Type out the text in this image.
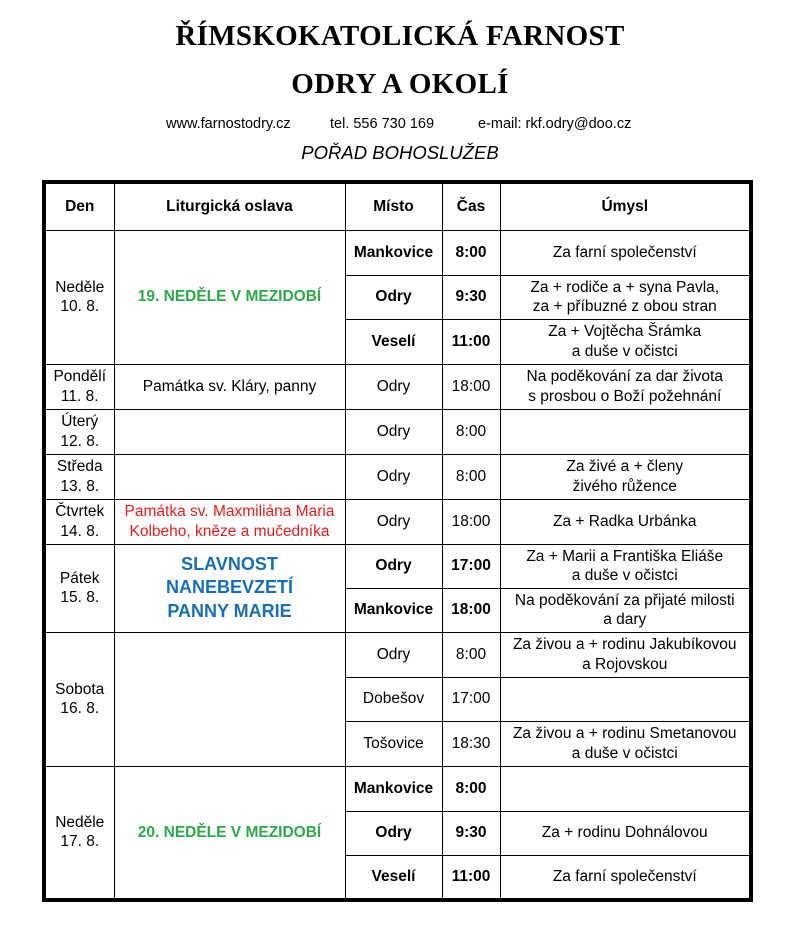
ŘÍMSKOKATOLICKÁ FARNOST
ODRY A OKOLÍ
www.farnostodry.cz	tel. 556 730 169	e-mail: rkf.odry@doo.cz
POŘAD BOHOSLUŽEB
Den	Liturgická oslava	Místo	Čas	Úmysl
Neděle
10. 8.	19. NEDĚLE V MEZIDOBÍ	Mankovice	8:00	Za farní společenství
		Odry	9:30	Za + rodiče a + syna Pavla,
za + příbuzné z obou stran
		Veselí	11:00	Za + Vojtěcha Šrámka
a duše v očistci
Pondělí
11. 8.	Památka sv. Kláry, panny	Odry	18:00	Na poděkování za dar života
s prosbou o Boží požehnání
Úterý
12. 8.		Odry	8:00	
Středa
13. 8.		Odry	8:00	Za živé a + členy
živého růžence
Čtvrtek
14. 8.	Památka sv. Maxmiliána Maria
Kolbeho, kněze a mučedníka	Odry	18:00	Za + Radka Urbánka
Pátek
15. 8.	SLAVNOST
NANEBEVZETÍ
PANNY MARIE	Odry	17:00	Za + Marii a Františka Eliáše
a duše v očistci
		Mankovice	18:00	Na poděkování za přijaté milosti
a dary
Sobota
16. 8.		Odry	8:00	Za živou a + rodinu Jakubíkovou
a Rojovskou
		Dobešov	17:00	
		Tošovice	18:30	Za živou a + rodinu Smetanovou
a duše v očistci
Neděle
17. 8.	20. NEDĚLE V MEZIDOBÍ	Mankovice	8:00	
		Odry	9:30	Za + rodinu Dohnálovou
		Veselí	11:00	Za farní společenství
